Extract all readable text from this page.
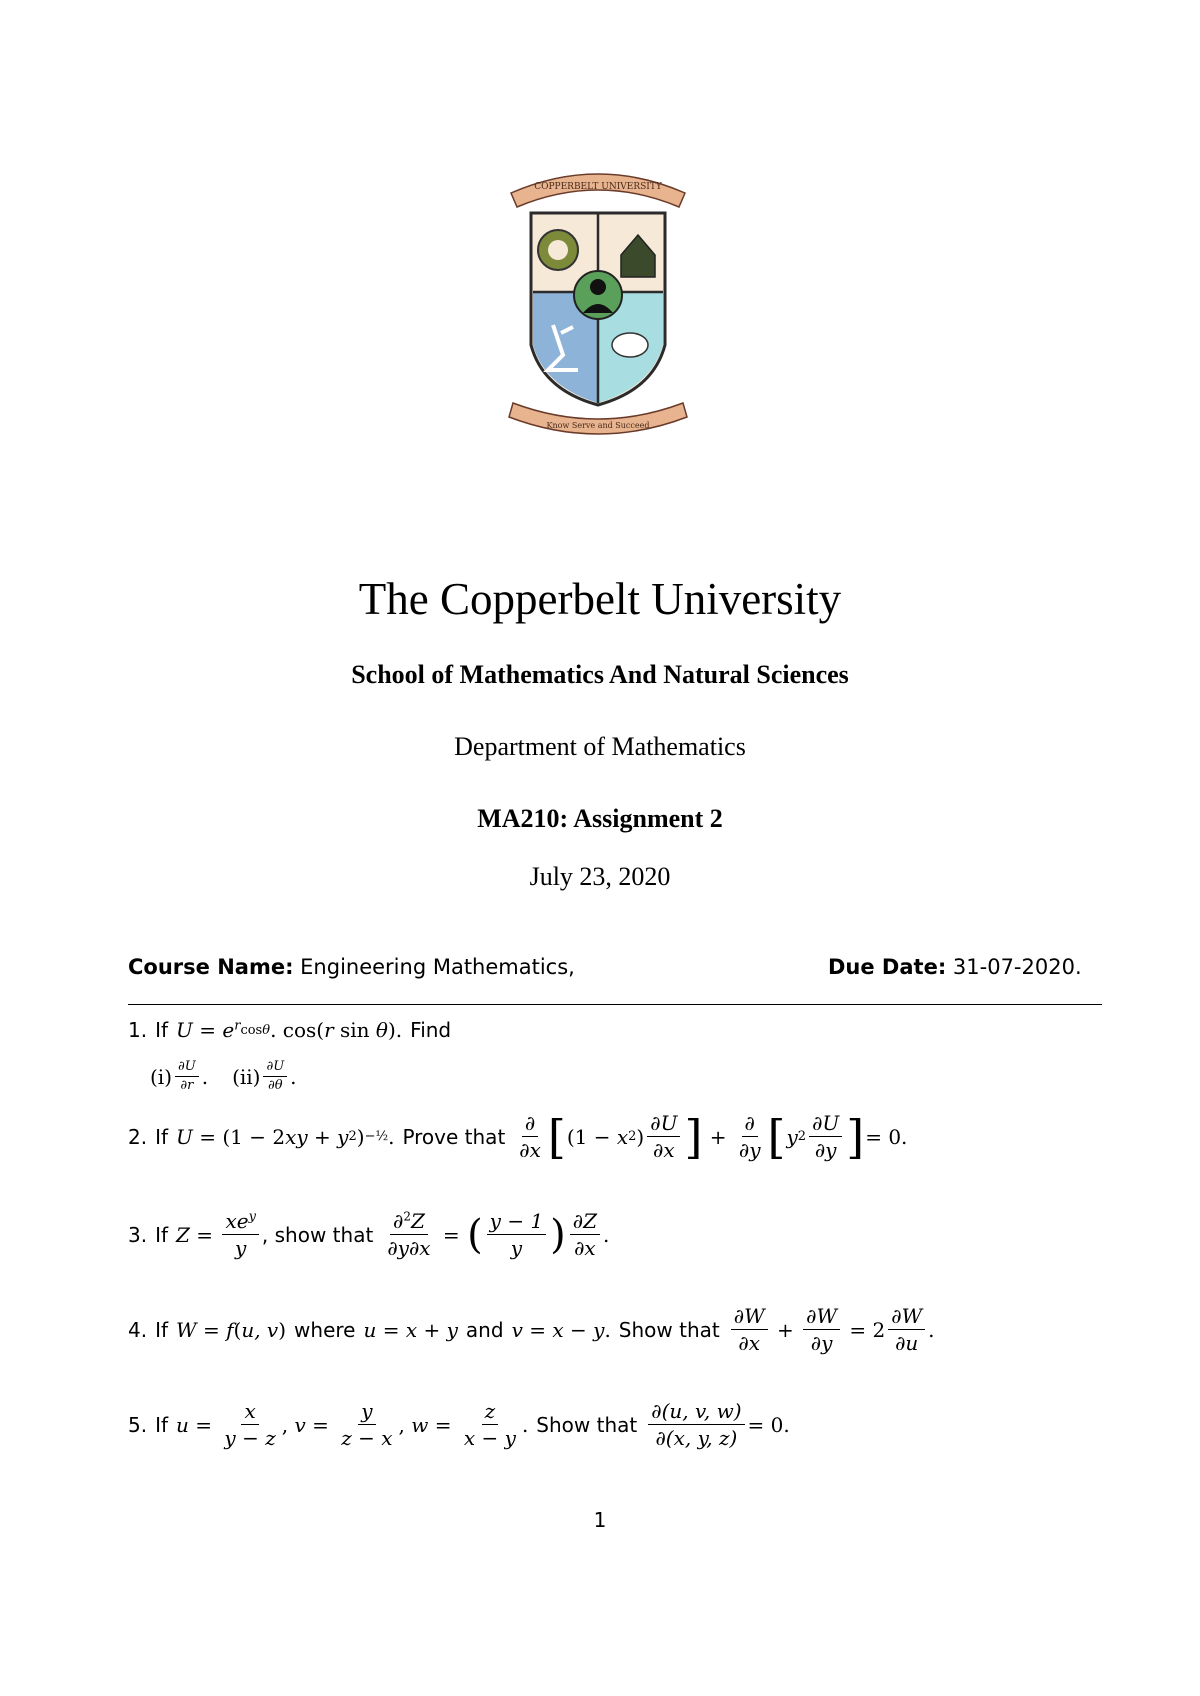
COPPERBELT UNIVERSITY
Know Serve and Succeed
The Copperbelt University
School of Mathematics And Natural Sciences
Department of Mathematics
MA210: Assignment 2
July 23, 2020
Course Name: Engineering Mathematics,	Due Date: 31-07-2020.
1. If $U = e^r$ cos θ . cos( r sin θ ). Find
$(i) \frac{\partial U}{\partial r}$ . $(ii) \frac{\partial U}{\partial\theta}$ .
2. If U = (1 − 2 xy + y 2 ) −½ . Prove that $\frac{\partial}{\partial x}$ [ (1 − x 2 ) $\frac{\partial U}{\partial x}$ ] + $\frac{\partial}{\partial y}$ [ y $2 \frac{\partial U}{\partial y}$ ] = 0.
3. If $Z = \frac{xe^y}{y}$ , show that $\frac{\partial^2Z}{\partial y\partial x}$ = ( $\frac{y - 1}{y}$ ) $\frac{\partial Z}{\partial x}$ .
4. If W = f ( u, v ) where u = x + y and v = x − y . Show that $\frac{\partial W}{\partial x} + \frac{\partial W}{\partial y} = 2 \frac{\partial W}{\partial u}$ .
5. If $u = \frac{x}{y - z}$ , $v = \frac{y}{z - x}$ , $w = \frac{z}{x - y}$ . Show that $\frac{\partial(u, v, w)}{\partial(x, y, z)} = 0$.
1
